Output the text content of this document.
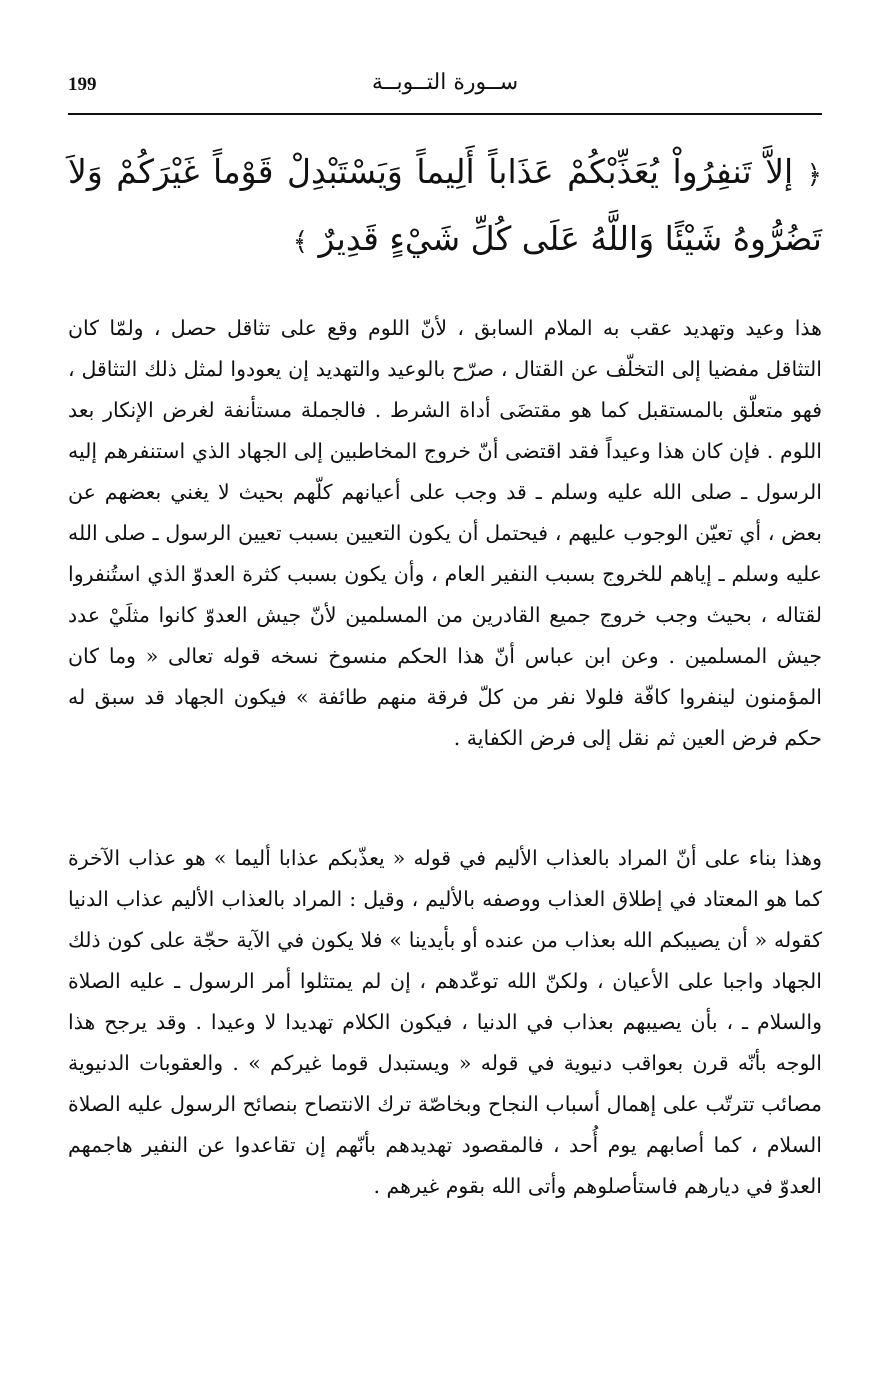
199	ســورة التــوبــة
﴿ إلاَّ تَنفِرُواْ يُعَذِّبْكُمْ عَذَاباً أَلِيماً وَيَسْتَبْدِلْ قَوْماً غَيْرَكُمْ وَلاَ تَضُرُّوهُ شَيْئًا وَاللَّهُ عَلَى كُلِّ شَيْءٍ قَدِيرٌ ﴾

هذا وعيد وتهديد عقب به الملام السابق ، لأنّ اللوم وقع على تثاقل حصل ، ولمّا كان التثاقل مفضيا إلى التخلّف عن القتال ، صرّح بالوعيد والتهديد إن يعودوا لمثل ذلك التثاقل ، فهو متعلّق بالمستقبل كما هو مقتضَى أداة الشرط . فالجملة مستأنفة لغرض الإنكار بعد اللوم . فإن كان هذا وعيداً فقد اقتضى أنّ خروج المخاطبين إلى الجهاد الذي استنفرهم إليه الرسول ـ صلى الله عليه وسلم ـ قد وجب على أعيانهم كلّهم بحيث لا يغني بعضهم عن بعض ، أي تعيّن الوجوب عليهم ، فيحتمل أن يكون التعيين بسبب تعيين الرسول ـ صلى الله عليه وسلم ـ إياهم للخروج بسبب النفير العام ، وأن يكون بسبب كثرة العدوّ الذي استُنفروا لقتاله ، بحيث وجب خروج جميع القادرين من المسلمين لأنّ جيش العدوّ كانوا مثلَيْ عدد جيش المسلمين . وعن ابن عباس أنّ هذا الحكم منسوخ نسخه قوله تعالى « وما كان المؤمنون لينفروا كافّة فلولا نفر من كلّ فرقة منهم طائفة » فيكون الجهاد قد سبق له حكم فرض العين ثم نقل إلى فرض الكفاية .

وهذا بناء على أنّ المراد بالعذاب الأليم في قوله « يعذّبكم عذابا أليما » هو عذاب الآخرة كما هو المعتاد في إطلاق العذاب ووصفه بالأليم ، وقيل : المراد بالعذاب الأليم عذاب الدنيا كقوله « أن يصيبكم الله بعذاب من عنده أو بأيدينا » فلا يكون في الآية حجّة على كون ذلك الجهاد واجبا على الأعيان ، ولكنّ الله توعّدهم ، إن لم يمتثلوا أمر الرسول ـ عليه الصلاة والسلام ـ ، بأن يصيبهم بعذاب في الدنيا ، فيكون الكلام تهديدا لا وعيدا . وقد يرجح هذا الوجه بأنّه قرن بعواقب دنيوية في قوله « ويستبدل قوما غيركم » . والعقوبات الدنيوية مصائب تترتّب على إهمال أسباب النجاح وبخاصّة ترك الانتصاح بنصائح الرسول عليه الصلاة السلام ، كما أصابهم يوم أُحد ، فالمقصود تهديدهم بأنّهم إن تقاعدوا عن النفير هاجمهم العدوّ في ديارهم فاستأصلوهم وأتى الله بقوم غيرهم .
